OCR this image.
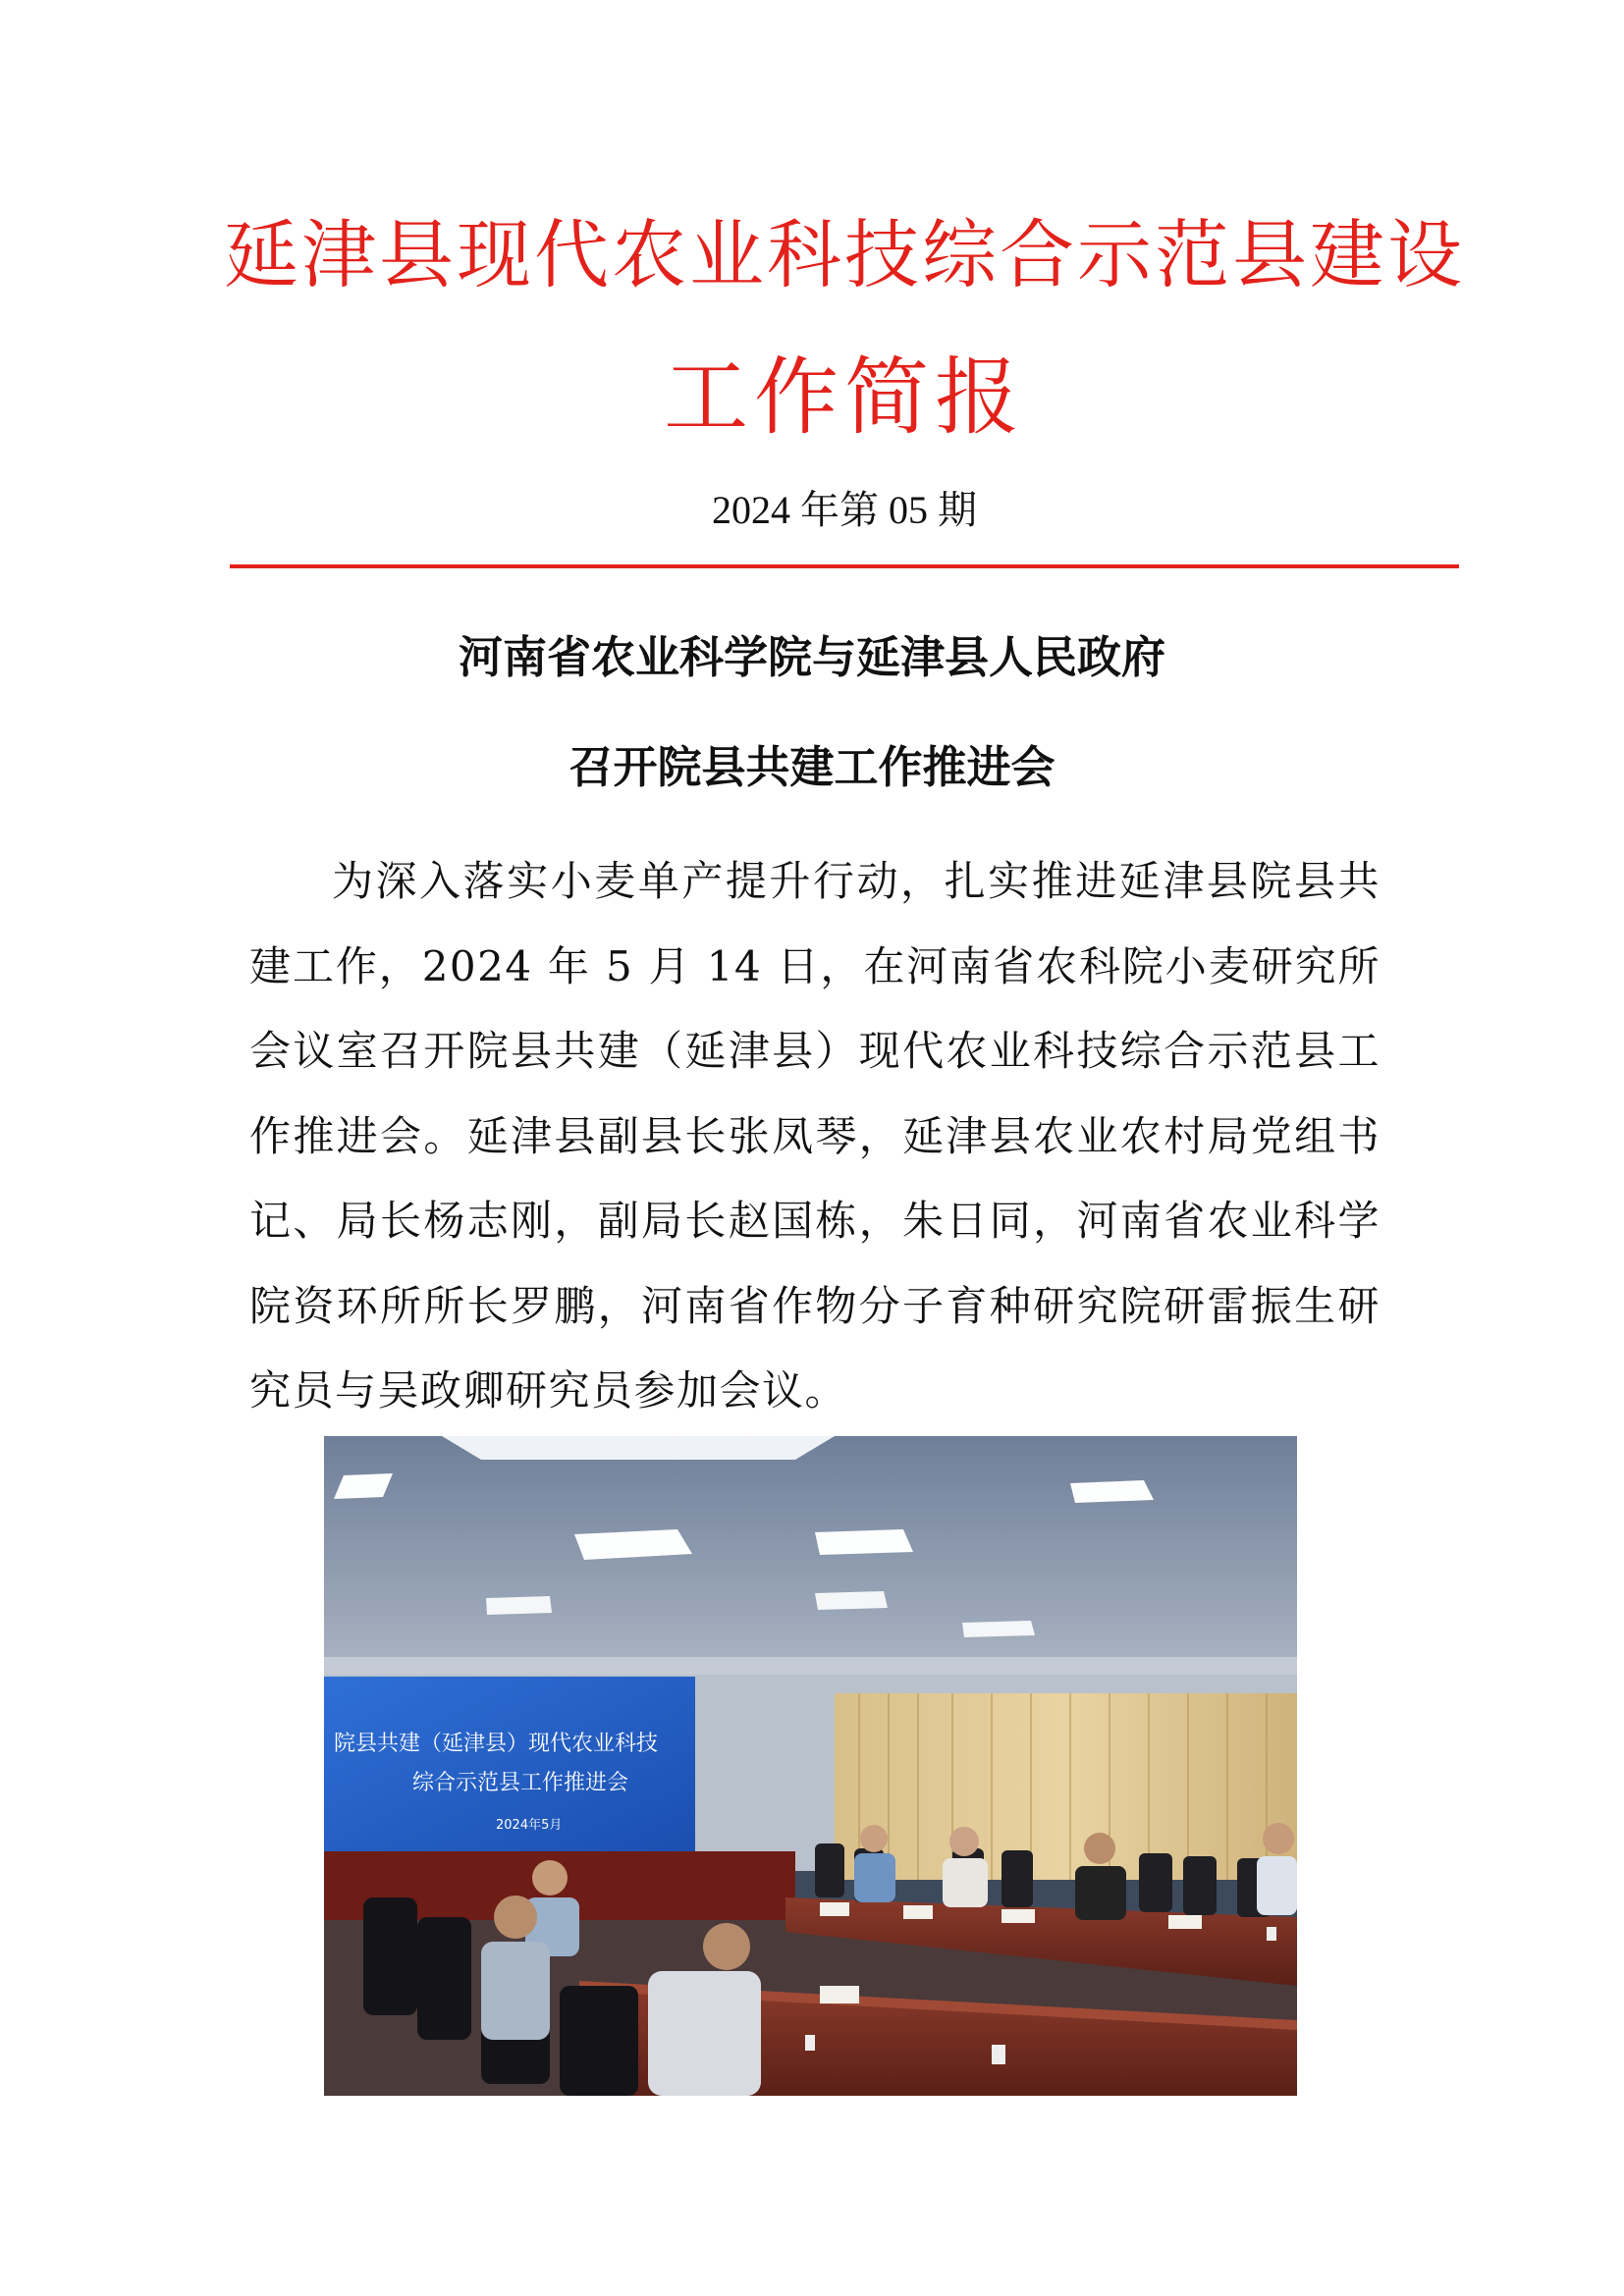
延津县现代农业科技综合示范县建设
工作简报
2024 年第 05 期
河南省农业科学院与延津县人民政府
召开院县共建工作推进会

为深入落实小麦单产提升行动，扎实推进延津县院县共建工作，2024 年 5 月 14 日，在河南省农科院小麦研究所会议室召开院县共建（延津县）现代农业科技综合示范县工作推进会。延津县副县长张凤琴，延津县农业农村局党组书记、局长杨志刚，副局长赵国栋，朱日同，河南省农业科学院资环所所长罗鹏，河南省作物分子育种研究院研雷振生研究员与吴政卿研究员参加会议。

院县共建（延津县）现代农业科技
综合示范县工作推进会
2024年5月
